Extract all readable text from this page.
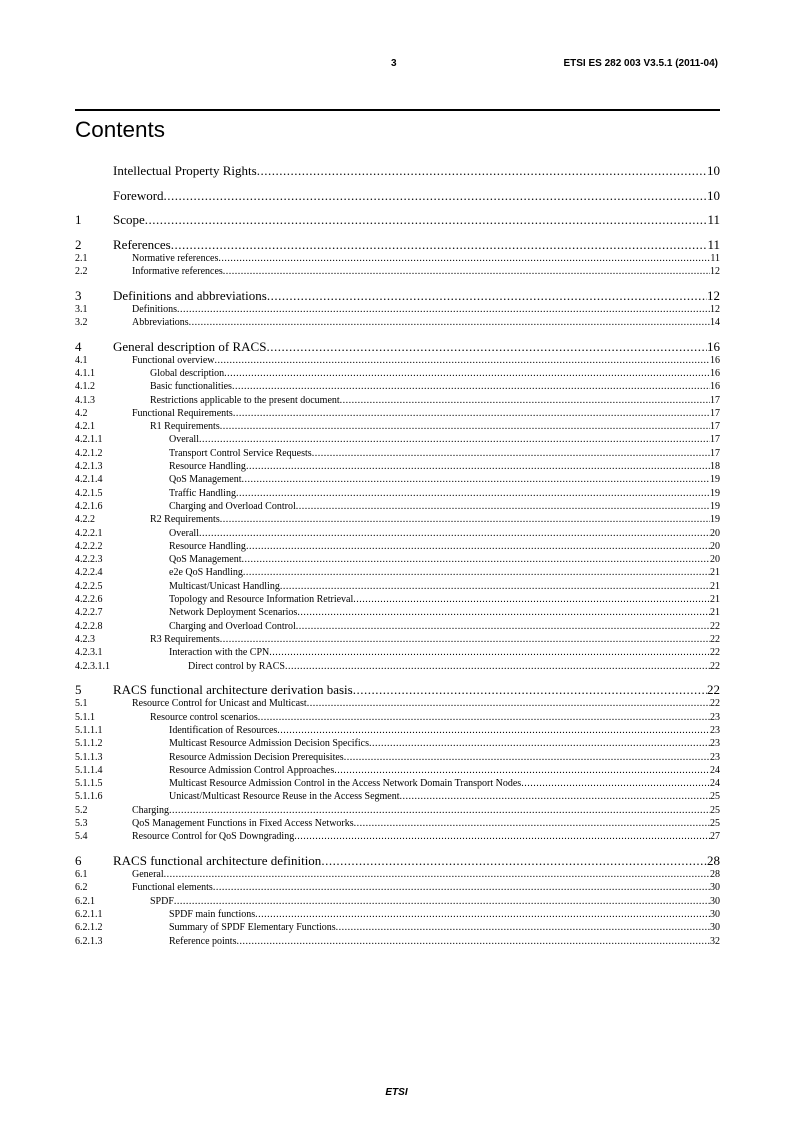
3	ETSI ES 282 003 V3.5.1 (2011-04)
Contents
Intellectual Property Rights .....	10
Foreword .....	10
1	Scope .....	11
2	References .....	11
2.1	Normative references .....	11
2.2	Informative references .....	12
3	Definitions and abbreviations .....	12
3.1	Definitions .....	12
3.2	Abbreviations .....	14
4	General description of RACS .....	16
4.1	Functional overview .....	16
4.1.1	Global description .....	16
4.1.2	Basic functionalities .....	16
4.1.3	Restrictions applicable to the present document .....	17
4.2	Functional Requirements .....	17
4.2.1	R1 Requirements .....	17
4.2.1.1	Overall .....	17
4.2.1.2	Transport Control Service Requests .....	17
4.2.1.3	Resource Handling .....	18
4.2.1.4	QoS Management .....	19
4.2.1.5	Traffic Handling .....	19
4.2.1.6	Charging and Overload Control .....	19
4.2.2	R2 Requirements .....	19
4.2.2.1	Overall .....	20
4.2.2.2	Resource Handling .....	20
4.2.2.3	QoS Management .....	20
4.2.2.4	e2e QoS Handling .....	21
4.2.2.5	Multicast/Unicast Handling .....	21
4.2.2.6	Topology and Resource Information Retrieval .....	21
4.2.2.7	Network Deployment Scenarios .....	21
4.2.2.8	Charging and Overload Control .....	22
4.2.3	R3 Requirements .....	22
4.2.3.1	Interaction with the CPN .....	22
4.2.3.1.1	Direct control by RACS .....	22
5	RACS functional architecture derivation basis .....	22
5.1	Resource Control for Unicast and Multicast .....	22
5.1.1	Resource control scenarios .....	23
5.1.1.1	Identification of Resources .....	23
5.1.1.2	Multicast Resource Admission Decision Specifics .....	23
5.1.1.3	Resource Admission Decision Prerequisites .....	23
5.1.1.4	Resource Admission Control Approaches .....	24
5.1.1.5	Multicast Resource Admission Control in the Access Network Domain Transport Nodes .....	24
5.1.1.6	Unicast/Multicast Resource Reuse in the Access Segment .....	25
5.2	Charging .....	25
5.3	QoS Management Functions in Fixed Access Networks .....	25
5.4	Resource Control for QoS Downgrading .....	27
6	RACS functional architecture definition .....	28
6.1	General .....	28
6.2	Functional elements .....	30
6.2.1	SPDF .....	30
6.2.1.1	SPDF main functions .....	30
6.2.1.2	Summary of SPDF Elementary Functions .....	30
6.2.1.3	Reference points .....	32
ETSI
